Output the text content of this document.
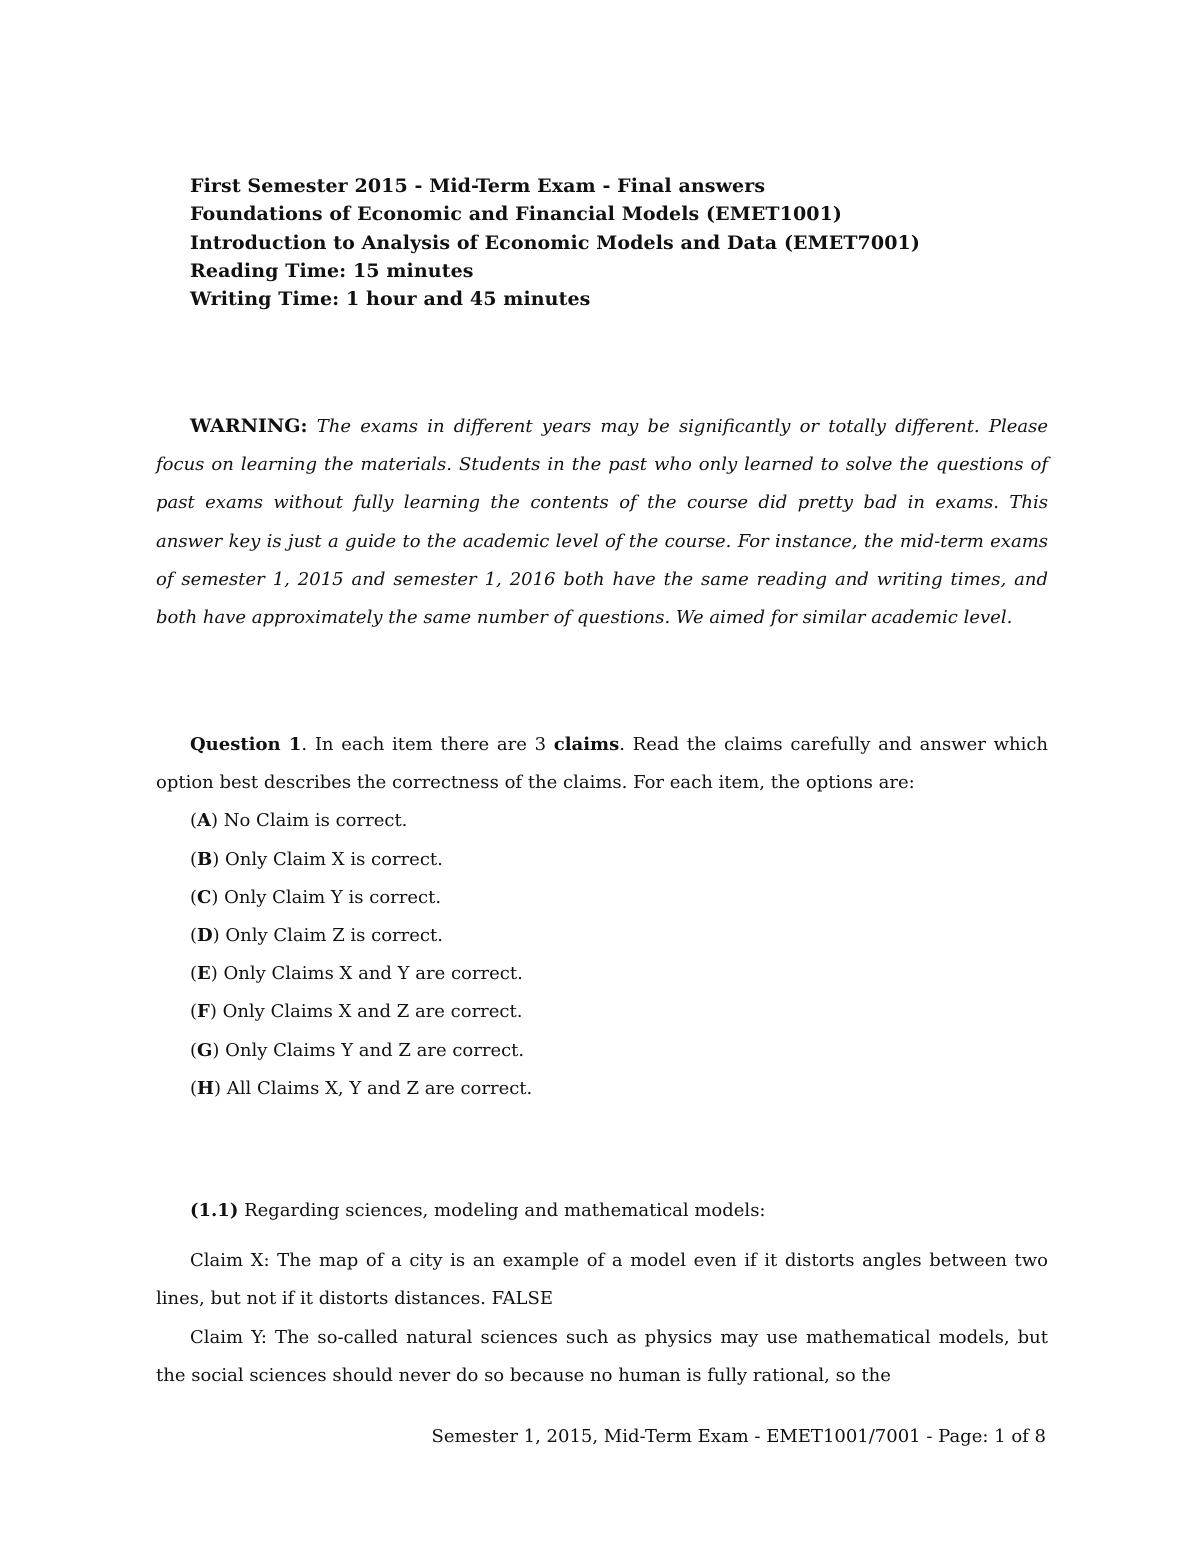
First Semester 2015 - Mid-Term Exam - Final answers
Foundations of Economic and Financial Models (EMET1001)
Introduction to Analysis of Economic Models and Data (EMET7001)
Reading Time: 15 minutes
Writing Time: 1 hour and 45 minutes

WARNING: The exams in different years may be significantly or totally different. Please focus on learning the materials. Students in the past who only learned to solve the questions of past exams without fully learning the contents of the course did pretty bad in exams. This answer key is just a guide to the academic level of the course. For instance, the mid-term exams of semester 1, 2015 and semester 1, 2016 both have the same reading and writing times, and both have approximately the same number of questions. We aimed for similar academic level.

Question 1. In each item there are 3 claims. Read the claims carefully and answer which option best describes the correctness of the claims. For each item, the options are:

(A) No Claim is correct.
(B) Only Claim X is correct.
(C) Only Claim Y is correct.
(D) Only Claim Z is correct.
(E) Only Claims X and Y are correct.
(F) Only Claims X and Z are correct.
(G) Only Claims Y and Z are correct.
(H) All Claims X, Y and Z are correct.

(1.1) Regarding sciences, modeling and mathematical models:

Claim X: The map of a city is an example of a model even if it distorts angles between two lines, but not if it distorts distances. FALSE

Claim Y: The so-called natural sciences such as physics may use mathematical models, but the social sciences should never do so because no human is fully rational, so the

Semester 1, 2015, Mid-Term Exam - EMET1001/7001 - Page: 1 of 8
